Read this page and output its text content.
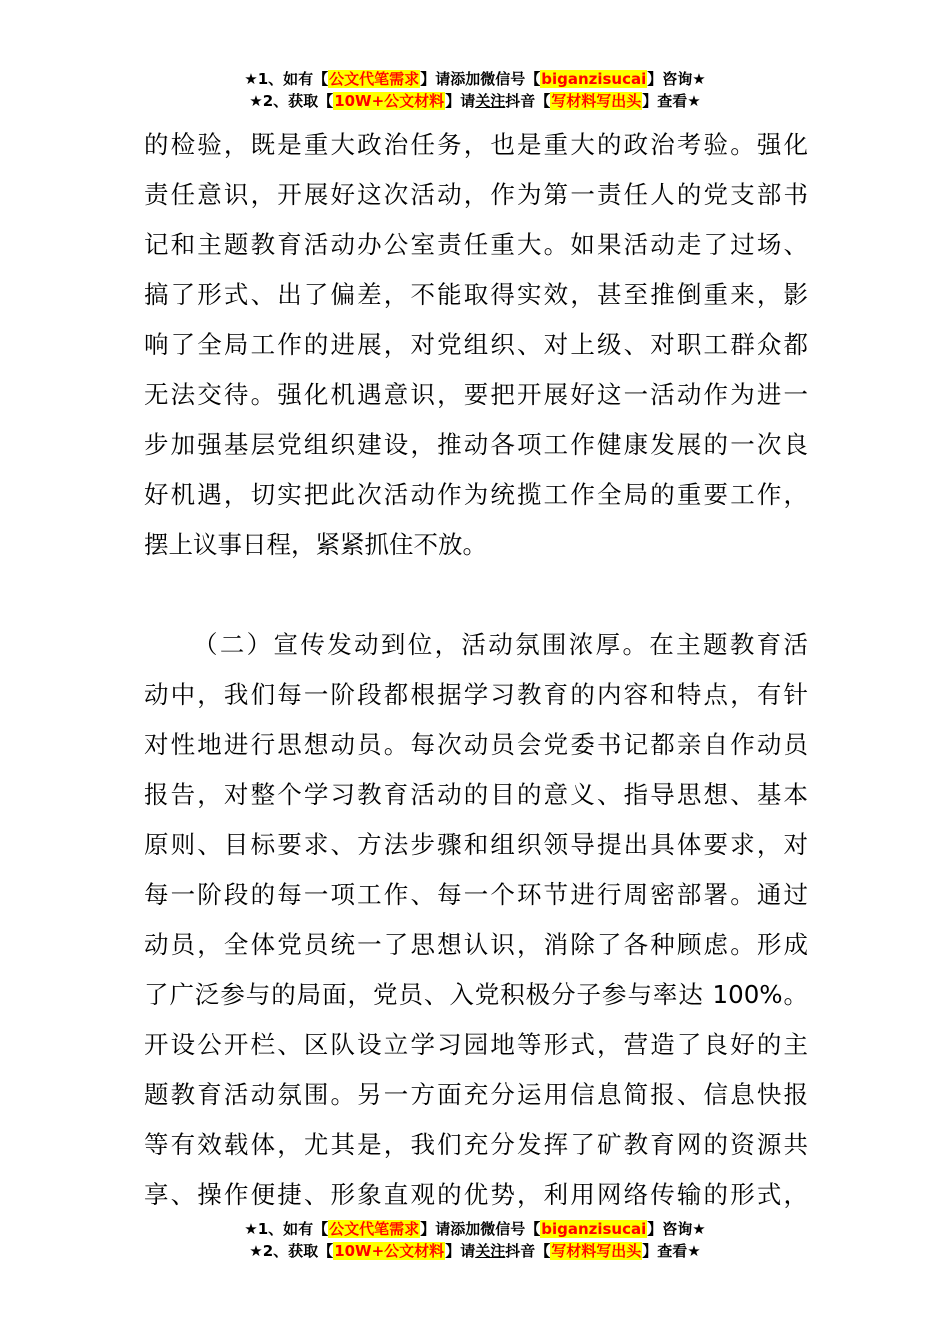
★1、如有【公文代笔需求】请添加微信号【biganzisucai】咨询★
★2、获取【10W+公文材料】请关注抖音【写材料写出头】查看★

的检验，既是重大政治任务，也是重大的政治考验。强化
责任意识，开展好这次活动，作为第一责任人的党支部书
记和主题教育活动办公室责任重大。如果活动走了过场、
搞了形式、出了偏差，不能取得实效，甚至推倒重来，影
响了全局工作的进展，对党组织、对上级、对职工群众都
无法交待。强化机遇意识，要把开展好这一活动作为进一
步加强基层党组织建设，推动各项工作健康发展的一次良
好机遇，切实把此次活动作为统揽工作全局的重要工作，
摆上议事日程，紧紧抓住不放。

（二）宣传发动到位，活动氛围浓厚。在主题教育活
动中，我们每一阶段都根据学习教育的内容和特点，有针
对性地进行思想动员。每次动员会党委书记都亲自作动员
报告，对整个学习教育活动的目的意义、指导思想、基本
原则、目标要求、方法步骤和组织领导提出具体要求，对
每一阶段的每一项工作、每一个环节进行周密部署。通过
动员，全体党员统一了思想认识，消除了各种顾虑。形成
了广泛参与的局面，党员、入党积极分子参与率达 100%。
开设公开栏、区队设立学习园地等形式，营造了良好的主
题教育活动氛围。另一方面充分运用信息简报、信息快报
等有效载体，尤其是，我们充分发挥了矿教育网的资源共
享、操作便捷、形象直观的优势，利用网络传输的形式，

★1、如有【公文代笔需求】请添加微信号【biganzisucai】咨询★
★2、获取【10W+公文材料】请关注抖音【写材料写出头】查看★
